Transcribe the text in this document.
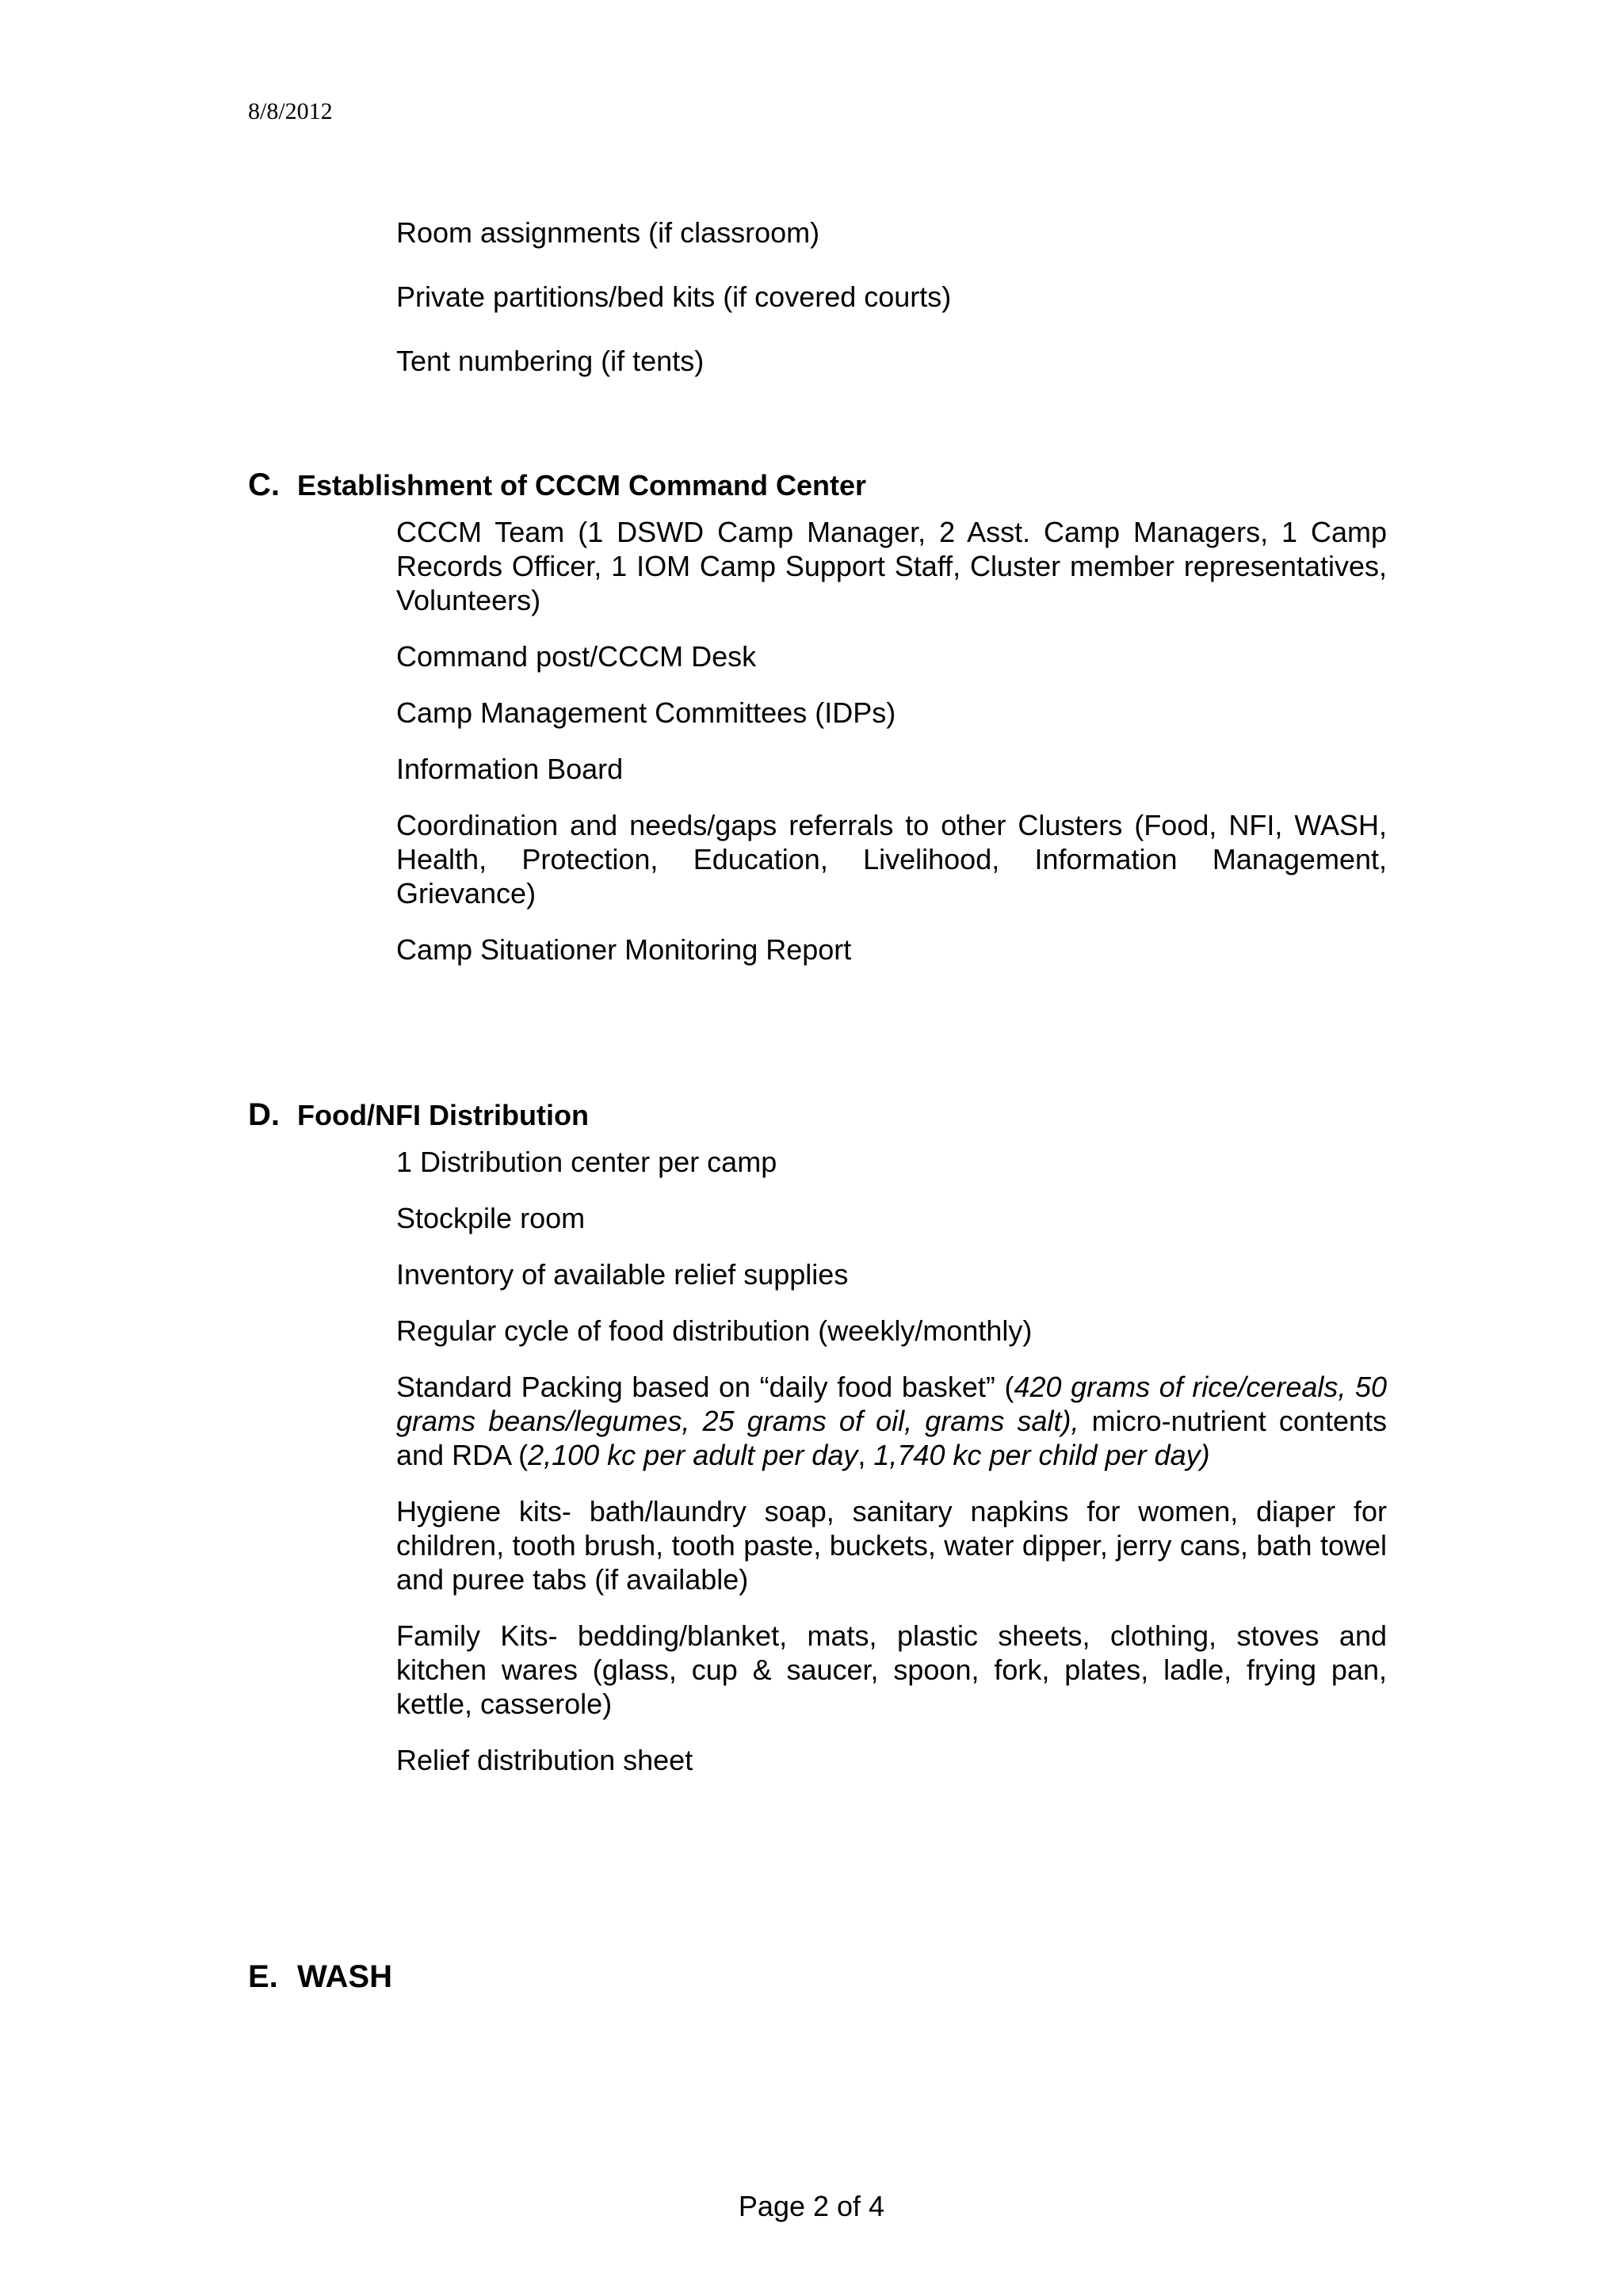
8/8/2012
Room assignments (if classroom)
Private partitions/bed kits (if covered courts)
Tent numbering (if tents)
C. Establishment of CCCM Command Center
CCCM Team (1 DSWD Camp Manager, 2 Asst. Camp Managers, 1 Camp Records Officer, 1 IOM Camp Support Staff, Cluster member representatives, Volunteers)
Command post/CCCM Desk
Camp Management Committees (IDPs)
Information Board
Coordination and needs/gaps referrals to other Clusters (Food, NFI, WASH, Health, Protection, Education, Livelihood, Information Management, Grievance)
Camp Situationer Monitoring Report
D. Food/NFI Distribution
1 Distribution center per camp
Stockpile room
Inventory of available relief supplies
Regular cycle of food distribution (weekly/monthly)
Standard Packing based on “daily food basket” (420 grams of rice/cereals, 50 grams beans/legumes, 25 grams of oil, grams salt), micro-nutrient contents and RDA (2,100 kc per adult per day, 1,740 kc per child per day)
Hygiene kits- bath/laundry soap, sanitary napkins for women, diaper for children, tooth brush, tooth paste, buckets, water dipper, jerry cans, bath towel and puree tabs (if available)
Family Kits- bedding/blanket, mats, plastic sheets, clothing, stoves and kitchen wares (glass, cup & saucer, spoon, fork, plates, ladle, frying pan, kettle, casserole)
Relief distribution sheet
E. WASH
Page 2 of 4
